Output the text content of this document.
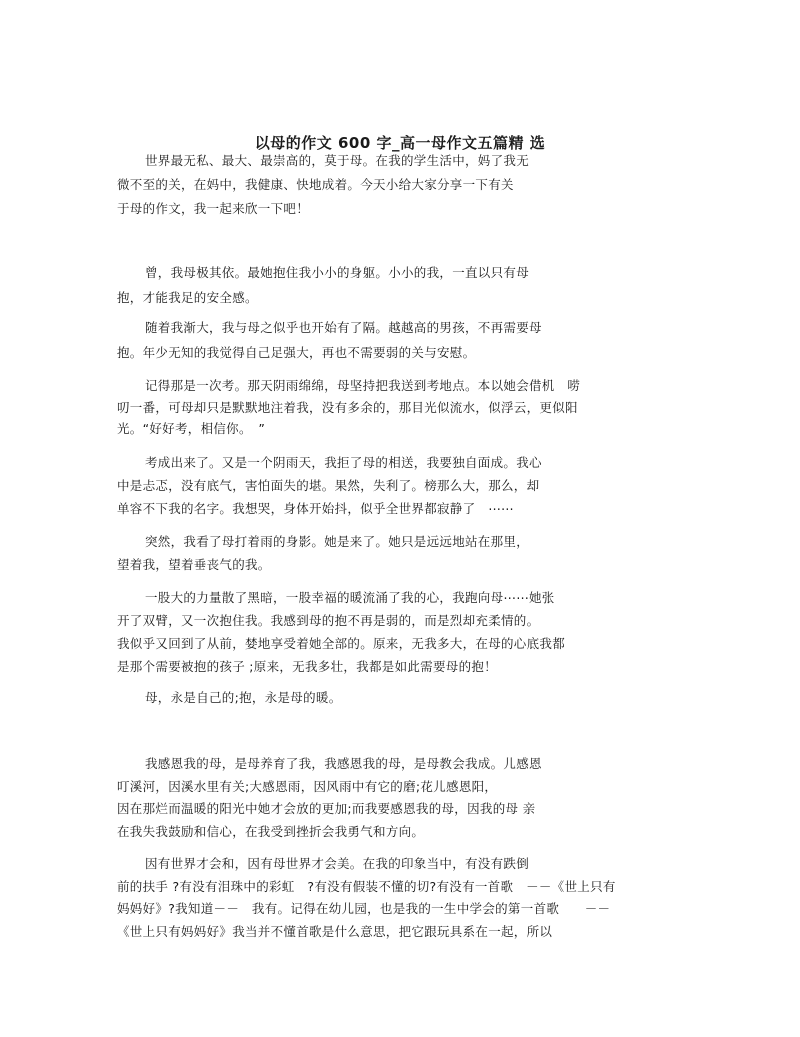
以母的作文 600 字_高一母作文五篇精 选
世界最无私、最大、最崇高的，莫于母。在我的学生活中，妈了我无
微不至的关，在妈中，我健康、快地成着。今天小给大家分享一下有关
于母的作文，我一起来欣一下吧！
曾，我母极其依。最她抱住我小小的身躯。小小的我，一直以只有母
抱，才能我足的安全感。
随着我渐大，我与母之似乎也开始有了隔。越越高的男孩，不再需要母
抱。年少无知的我觉得自己足强大，再也不需要弱的关与安慰。
记得那是一次考。那天阴雨绵绵，母坚持把我送到考地点。本以她会借机　唠
叨一番，可母却只是默默地注着我，没有多余的，那目光似流水，似浮云，更似阳
光。“好好考，相信你。　”
考成出来了。又是一个阴雨天，我拒了母的相送，我要独自面成。我心
中是忐忑，没有底气，害怕面失的堪。果然，失利了。榜那么大，那么，却
单容不下我的名字。我想哭，身体开始抖，似乎全世界都寂静了　⋯⋯
突然，我看了母打着雨的身影。她是来了。她只是远远地站在那里，
望着我，望着垂丧气的我。
一股大的力量散了黑暗，一股幸福的暖流涌了我的心，我跑向母⋯⋯她张
开了双臂，又一次抱住我。我感到母的抱不再是弱的，而是烈却充柔情的。
我似乎又回到了从前，婪地享受着她全部的。原来，无我多大，在母的心底我都
是那个需要被抱的孩子 ;原来，无我多壮，我都是如此需要母的抱！
母，永是自己的;抱，永是母的暖。
我感恩我的母，是母养育了我，我感恩我的母，是母教会我成。儿感恩
叮溪河，因溪水里有关;大感恩雨，因风雨中有它的磨;花儿感恩阳，
因在那烂而温暖的阳光中她才会放的更加;而我要感恩我的母，因我的母 亲
在我失我鼓励和信心，在我受到挫折会我勇气和方向。
因有世界才会和，因有母世界才会美。在我的印象当中，有没有跌倒
前的扶手 ?有没有泪珠中的彩虹　?有没有假装不懂的切?有没有一首歌　－－《世上只有
妈妈好》?我知道－－　我有。记得在幼儿园，也是我的一生中学会的第一首歌　　－－
《世上只有妈妈好》我当并不懂首歌是什么意思，把它跟玩具系在一起，所以
